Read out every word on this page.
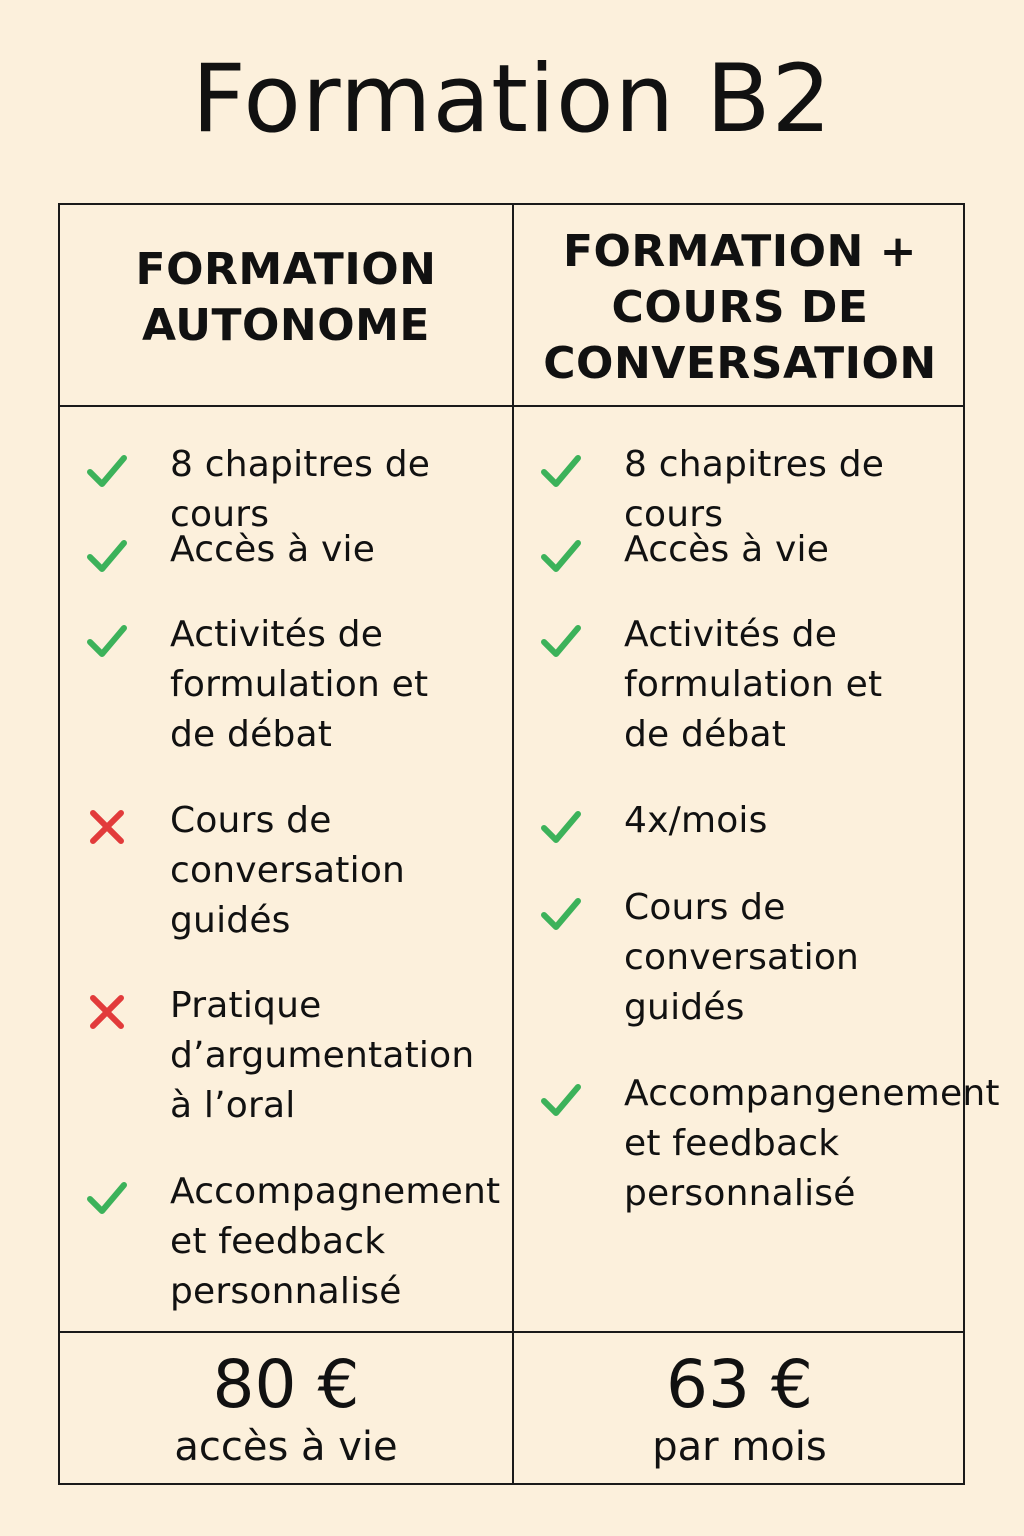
Formation B2
FORMATION
AUTONOME
FORMATION +
COURS DE
CONVERSATION
8 chapitres de cours
Accès à vie
Activités de
formulation et
de débat
Cours de
conversation
guidés
Pratique
d’argumentation
à l’oral
Accompagnement
et feedback
personnalisé
8 chapitres de cours
Accès à vie
Activités de
formulation et
de débat
4x/mois
Cours de
conversation
guidés
Accompangenement
et feedback
personnalisé
80 €
accès à vie
63 €
par mois
